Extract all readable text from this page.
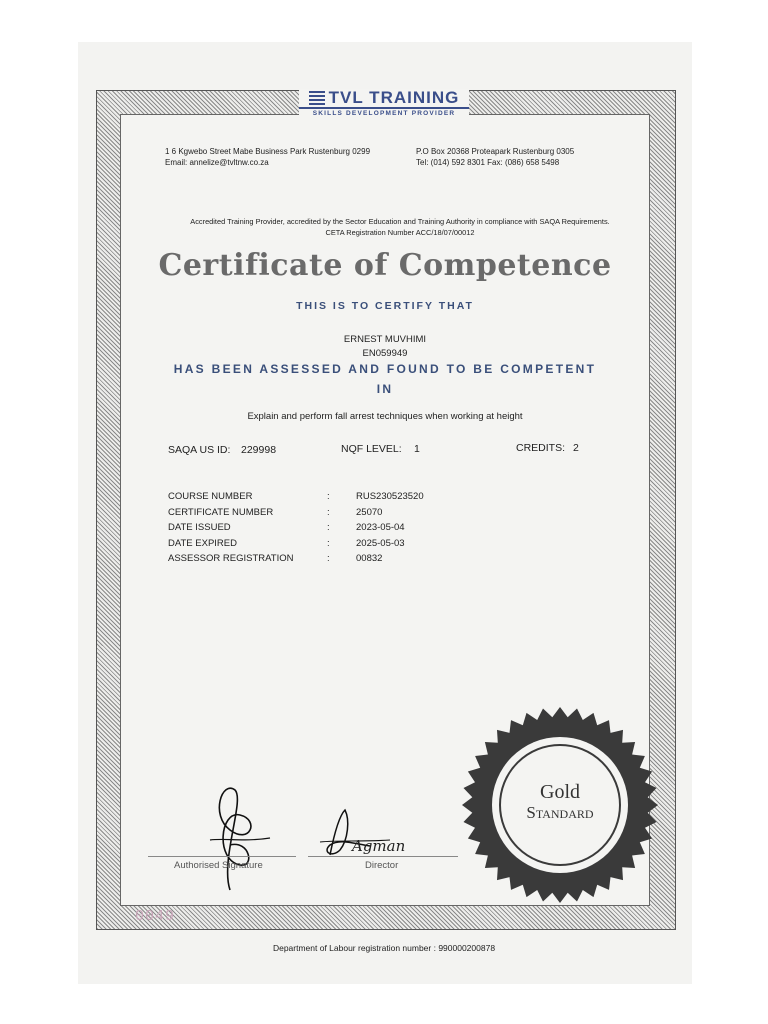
TVL TRAINING
SKILLS DEVELOPMENT PROVIDER
1 6 Kgwebo Street Mabe Business Park Rustenburg 0299
Email: annelize@tvltnw.co.za
P.O Box 20368 Proteapark Rustenburg 0305
Tel: (014) 592 8301 Fax: (086) 658 5498
Accredited Training Provider, accredited by the Sector Education and Training Authority in compliance with SAQA Requirements.
CETA Registration Number ACC/18/07/00012
Certificate of Competence
THIS IS TO CERTIFY THAT
ERNEST MUVHIMI
EN059949
HAS BEEN ASSESSED AND FOUND TO BE COMPETENT
IN
Explain and perform fall arrest techniques when working at height
SAQA US ID: 229998	NQF LEVEL: 1	CREDITS: 2
COURSE NUMBER	:	RUS230523520
CERTIFICATE NUMBER	:	25070
DATE ISSUED	:	2023-05-04
DATE EXPIRED	:	2025-05-03
ASSESSOR REGISTRATION	:	00832
Gold
Standard
Authorised Signature
Agman
Director
0049
Department of Labour registration number : 990000200878
